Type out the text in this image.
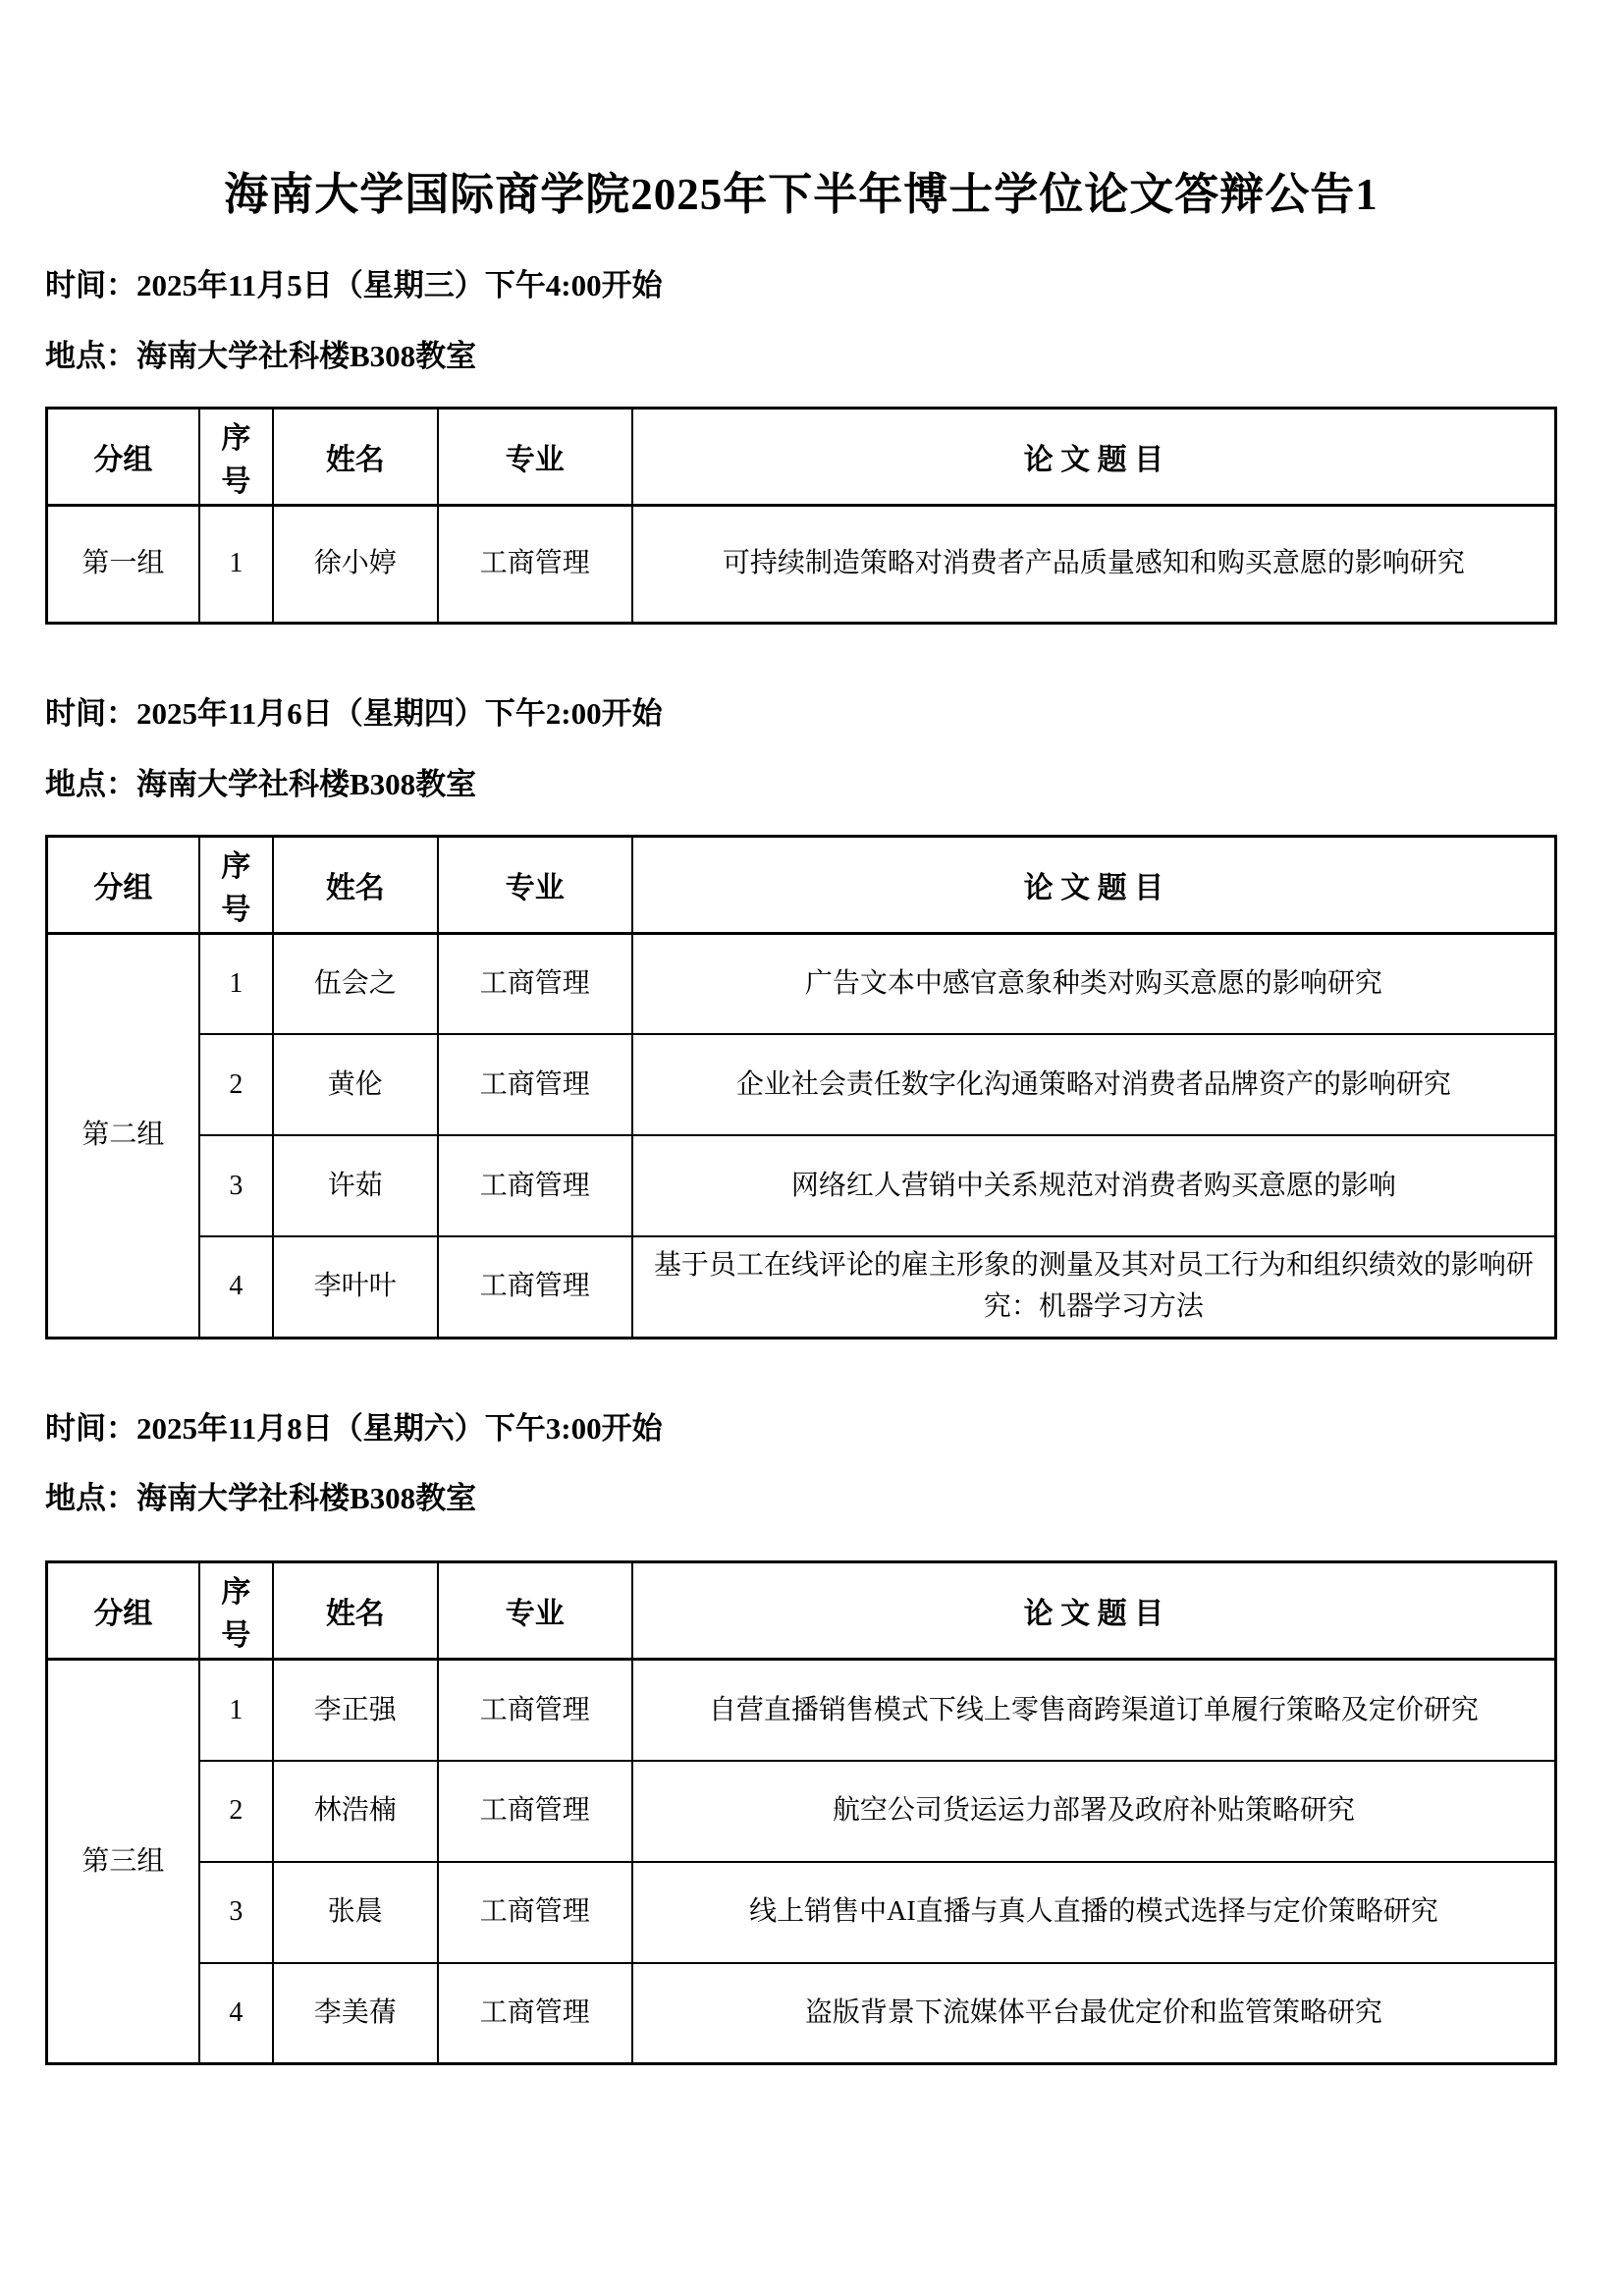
海南大学国际商学院2025年下半年博士学位论文答辩公告1

时间：2025年11月5日（星期三）下午4:00开始

地点：海南大学社科楼B308教室

分组	序号	姓名	专业	论 文 题 目
第一组	1	徐小婷	工商管理	可持续制造策略对消费者产品质量感知和购买意愿的影响研究

时间：2025年11月6日（星期四）下午2:00开始

地点：海南大学社科楼B308教室

分组	序号	姓名	专业	论 文 题 目
第二组	1	伍会之	工商管理	广告文本中感官意象种类对购买意愿的影响研究
	2	黄伦	工商管理	企业社会责任数字化沟通策略对消费者品牌资产的影响研究
	3	许茹	工商管理	网络红人营销中关系规范对消费者购买意愿的影响
	4	李叶叶	工商管理	基于员工在线评论的雇主形象的测量及其对员工行为和组织绩效的影响研究：机器学习方法

时间：2025年11月8日（星期六）下午3:00开始

地点：海南大学社科楼B308教室

分组	序号	姓名	专业	论 文 题 目
第三组	1	李正强	工商管理	自营直播销售模式下线上零售商跨渠道订单履行策略及定价研究
	2	林浩楠	工商管理	航空公司货运运力部署及政府补贴策略研究
	3	张晨	工商管理	线上销售中AI直播与真人直播的模式选择与定价策略研究
	4	李美蒨	工商管理	盗版背景下流媒体平台最优定价和监管策略研究
